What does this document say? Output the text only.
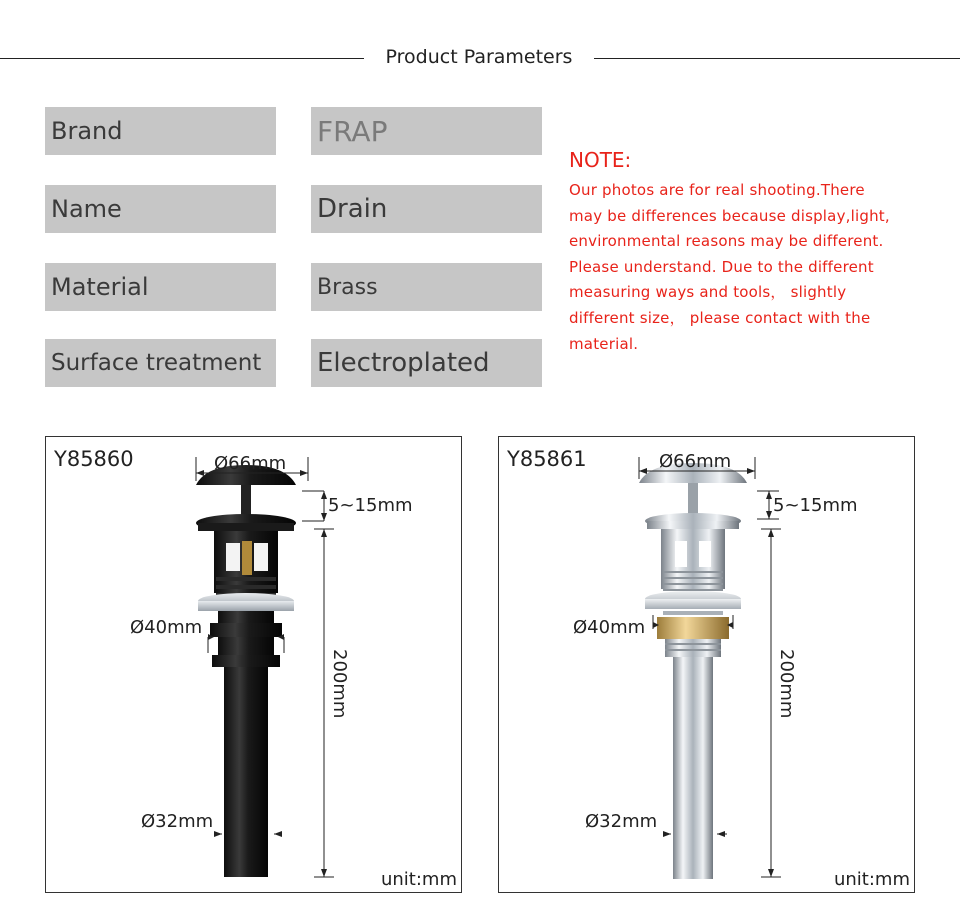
Product Parameters
Brand	FRAP
Name	Drain
Material	Brass
Surface treatment	Electroplated
NOTE:
Our photos are for real shooting.There
may be differences because display,light,
environmental reasons may be different.
Please understand. Due to the different
measuring ways and tools， slightly
different size， please contact with the
material.
Y85860	Ø66mm
5~15mm
Ø40mm
200mm
Ø32mm
unit:mm
Y85861	Ø66mm
5~15mm
Ø40mm
200mm
Ø32mm
unit:mm
